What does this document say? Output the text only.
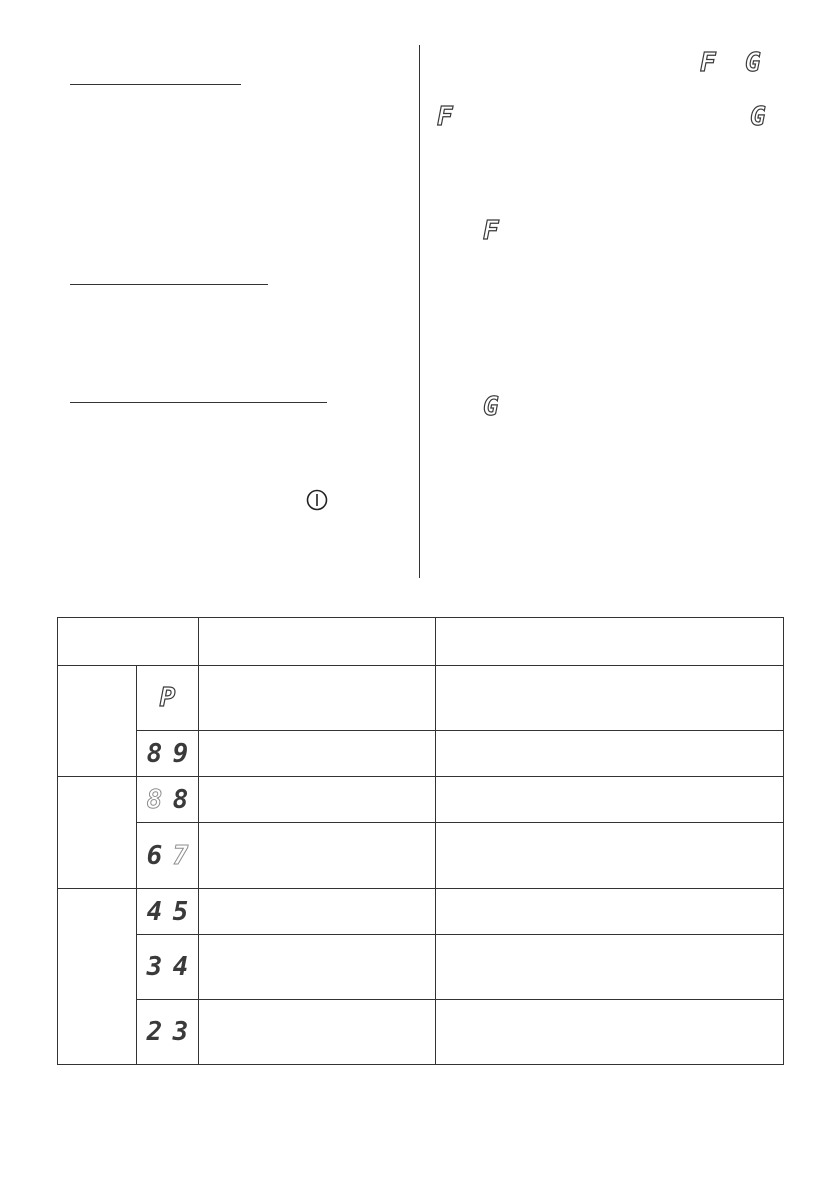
F G
F	G
F
G

	P		
	8 9		
	8 8		
	6 7		
	4 5		
	3 4		
	2 3		
